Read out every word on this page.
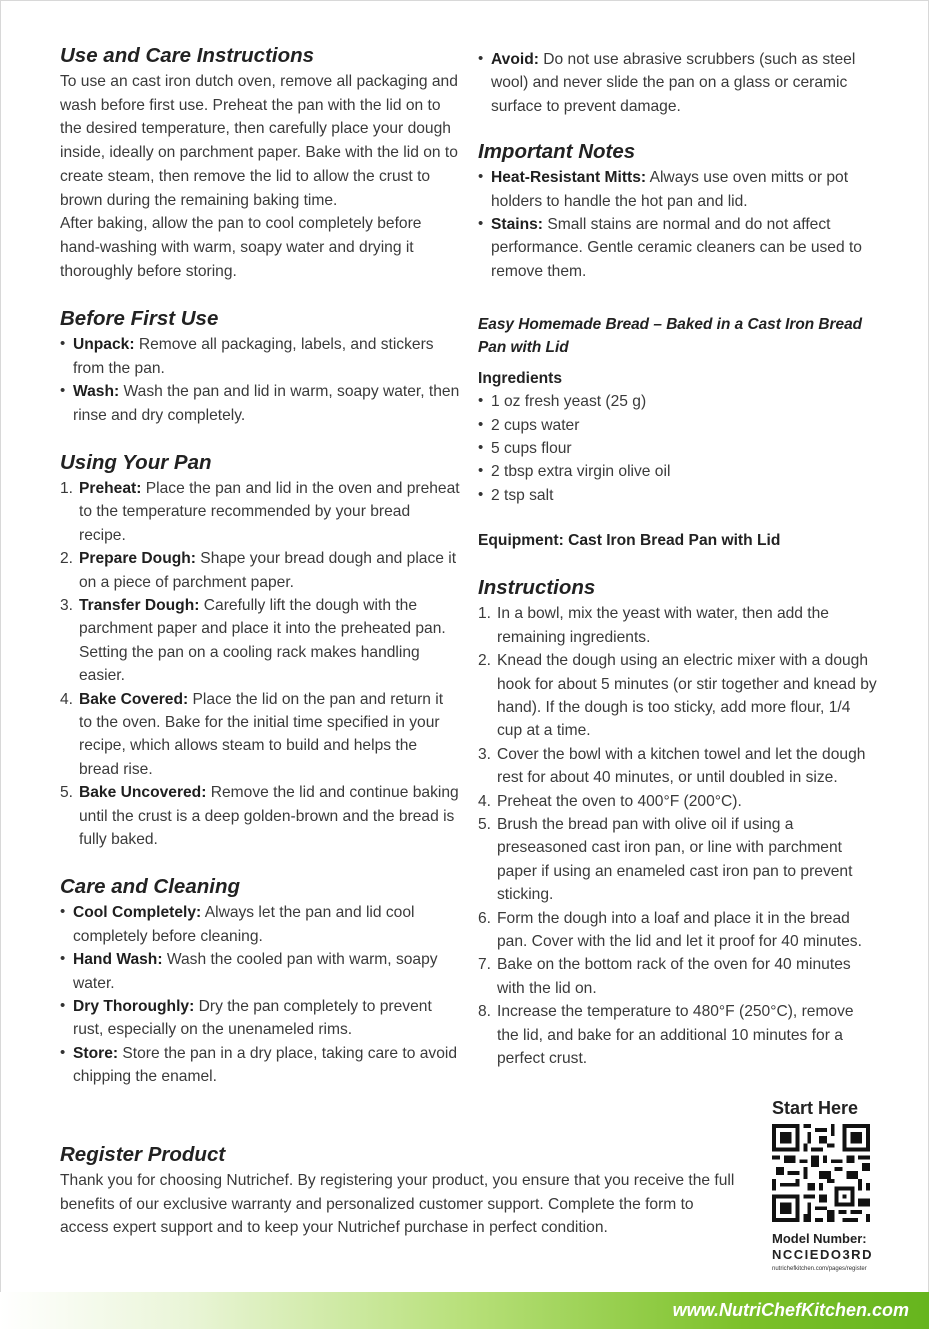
Use and Care Instructions

To use an cast iron dutch oven, remove all packaging and wash before first use. Preheat the pan with the lid on to the desired temperature, then carefully place your dough inside, ideally on parchment paper. Bake with the lid on to create steam, then remove the lid to allow the crust to brown during the remaining baking time.

After baking, allow the pan to cool completely before hand-washing with warm, soapy water and drying it thoroughly before storing.

Before First Use
• Unpack: Remove all packaging, labels, and stickers from the pan.
• Wash: Wash the pan and lid in warm, soapy water, then rinse and dry completely.
Using Your Pan
1. Preheat: Place the pan and lid in the oven and preheat to the temperature recommended by your bread recipe.
2. Prepare Dough: Shape your bread dough and place it on a piece of parchment paper.
3. Transfer Dough: Carefully lift the dough with the parchment paper and place it into the preheated pan. Setting the pan on a cooling rack makes handling easier.
4. Bake Covered: Place the lid on the pan and return it to the oven. Bake for the initial time specified in your recipe, which allows steam to build and helps the bread rise.
5. Bake Uncovered: Remove the lid and continue baking until the crust is a deep golden-brown and the bread is fully baked.
Care and Cleaning
• Cool Completely: Always let the pan and lid cool completely before cleaning.
• Hand Wash: Wash the cooled pan with warm, soapy water.
• Dry Thoroughly: Dry the pan completely to prevent rust, especially on the unenameled rims.
• Store: Store the pan in a dry place, taking care to avoid chipping the enamel.
• Avoid: Do not use abrasive scrubbers (such as steel wool) and never slide the pan on a glass or ceramic surface to prevent damage.
Important Notes
• Heat-Resistant Mitts: Always use oven mitts or pot holders to handle the hot pan and lid.
• Stains: Small stains are normal and do not affect performance. Gentle ceramic cleaners can be used to remove them.

Easy Homemade Bread – Baked in a Cast Iron Bread Pan with Lid

Ingredients

• 1 oz fresh yeast (25 g)
• 2 cups water
• 5 cups flour
• 2 tbsp extra virgin olive oil
• 2 tsp salt

Equipment: Cast Iron Bread Pan with Lid

Instructions
1. In a bowl, mix the yeast with water, then add the remaining ingredients.
2. Knead the dough using an electric mixer with a dough hook for about 5 minutes (or stir together and knead by hand). If the dough is too sticky, add more flour, 1/4 cup at a time.
3. Cover the bowl with a kitchen towel and let the dough rest for about 40 minutes, or until doubled in size.
4. Preheat the oven to 400°F (200°C).
5. Brush the bread pan with olive oil if using a preseasoned cast iron pan, or line with parchment paper if using an enameled cast iron pan to prevent sticking.
6. Form the dough into a loaf and place it in the bread pan. Cover with the lid and let it proof for 40 minutes.
7. Bake on the bottom rack of the oven for 40 minutes with the lid on.
8. Increase the temperature to 480°F (250°C), remove the lid, and bake for an additional 10 minutes for a perfect crust.
Register Product

Thank you for choosing Nutrichef. By registering your product, you ensure that you receive the full benefits of our exclusive warranty and personalized customer support. Complete the form to access expert support and to keep your Nutrichef purchase in perfect condition.

Start Here

Model Number:

NCCIEDO3RD

nutrichefkitchen.com/pages/register

www.NutriChefKitchen.com
